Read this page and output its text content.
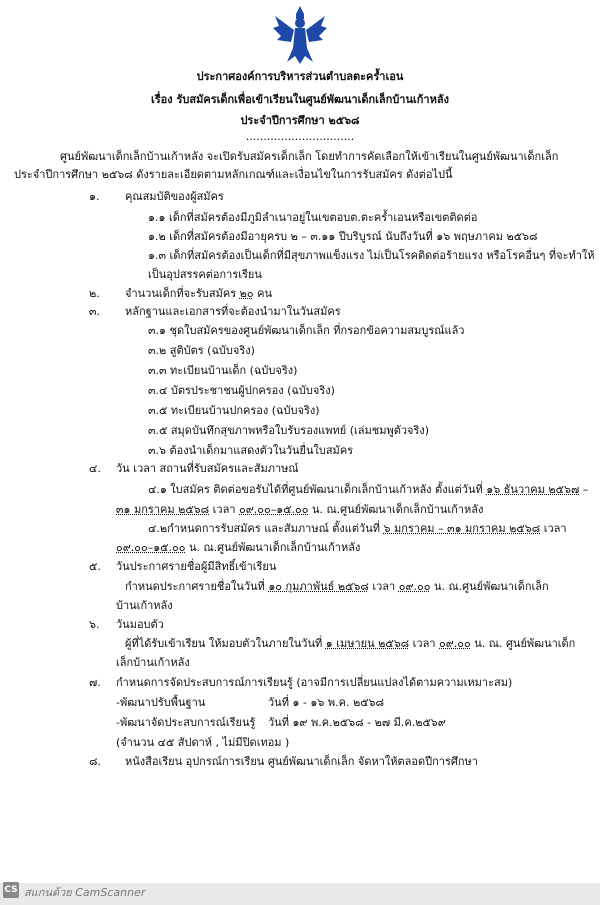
ประกาศองค์การบริหารส่วนตำบลตะคร้ำเอน
เรื่อง รับสมัครเด็กเพื่อเข้าเรียนในศูนย์พัฒนาเด็กเล็กบ้านเก้าหลัง
ประจำปีการศึกษา ๒๕๖๘
...............................
ศูนย์พัฒนาเด็กเล็กบ้านเก้าหลัง จะเปิดรับสมัครเด็กเล็ก โดยทำการคัดเลือกให้เข้าเรียนในศูนย์พัฒนาเด็กเล็ก
ประจำปีการศึกษา ๒๕๖๘ ดังรายละเอียดตามหลักเกณฑ์และเงื่อนไขในการรับสมัคร ดังต่อไปนี้
๑. คุณสมบัติของผู้สมัคร
๑.๑ เด็กที่สมัครต้องมีภูมิลำเนาอยู่ในเขตอบต.ตะคร้ำเอนหรือเขตติดต่อ
๑.๒ เด็กที่สมัครต้องมีอายุครบ ๒ – ๓.๑๑ ปีบริบูรณ์ นับถึงวันที่ ๑๖ พฤษภาคม ๒๕๖๘
๑.๓ เด็กที่สมัครต้องเป็นเด็กที่มีสุขภาพแข็งแรง ไม่เป็นโรคติดต่อร้ายแรง หรือโรคอื่นๆ ที่จะทำให้
เป็นอุปสรรคต่อการเรียน
๒. จำนวนเด็กที่จะรับสมัคร ๒๐ คน
๓. หลักฐานและเอกสารที่จะต้องนำมาในวันสมัคร
๓.๑ ชุดใบสมัครของศูนย์พัฒนาเด็กเล็ก ที่กรอกข้อความสมบูรณ์แล้ว
๓.๒ สูติบัตร (ฉบับจริง)
๓.๓ ทะเบียนบ้านเด็ก (ฉบับจริง)
๓.๔ บัตรประชาชนผู้ปกครอง (ฉบับจริง)
๓.๕ ทะเบียนบ้านปกครอง (ฉบับจริง)
๓.๕ สมุดบันทึกสุขภาพหรือใบรับรองแพทย์ (เล่มชมพูตัวจริง)
๓.๖ ต้องนำเด็กมาแสดงตัวในวันยื่นใบสมัคร
๔. วัน เวลา สถานที่รับสมัครและสัมภาษณ์
๔.๑ ใบสมัคร ติดต่อขอรับได้ที่ศูนย์พัฒนาเด็กเล็กบ้านเก้าหลัง ตั้งแต่วันที่ ๑๖ ธันวาคม ๒๕๖๗ –
๓๑ มกราคม ๒๕๖๘ เวลา ๐๙.๐๐–๑๕.๐๐ น. ณ.ศูนย์พัฒนาเด็กเล็กบ้านเก้าหลัง
๔.๒กำหนดการรับสมัคร และสัมภาษณ์ ตั้งแต่วันที่ ๖ มกราคม – ๓๑ มกราคม ๒๕๖๘ เวลา
๐๙.๐๐–๑๕.๐๐ น. ณ.ศูนย์พัฒนาเด็กเล็กบ้านเก้าหลัง
๕. วันประกาศรายชื่อผู้มีสิทธิ์เข้าเรียน
กำหนดประกาศรายชื่อในวันที่ ๑๐ กุมภาพันธ์ ๒๕๖๘ เวลา ๐๙.๐๐ น. ณ.ศูนย์พัฒนาเด็กเล็ก
บ้านเก้าหลัง
๖. วันมอบตัว
ผู้ที่ได้รับเข้าเรียน ให้มอบตัวในภายในวันที่ ๑ เมษายน ๒๕๖๘ เวลา ๐๙.๐๐ น. ณ. ศูนย์พัฒนาเด็ก
เล็กบ้านเก้าหลัง
๗. กำหนดการจัดประสบการณ์การเรียนรู้ (อาจมีการเปลี่ยนแปลงได้ตามความเหมาะสม)
-พัฒนาปรับพื้นฐาน	วันที่ ๑ - ๑๖ พ.ค. ๒๕๖๘
-พัฒนาจัดประสบการณ์เรียนรู้ วันที่ ๑๙ พ.ค.๒๕๖๘ - ๒๗ มี.ค.๒๕๖๙
(จำนวน ๔๕ สัปดาห์ , ไม่มีปิดเทอม )
๘. หนังสือเรียน อุปกรณ์การเรียน ศูนย์พัฒนาเด็กเล็ก จัดหาให้ตลอดปีการศึกษา
CS สแกนด้วย CamScanner
